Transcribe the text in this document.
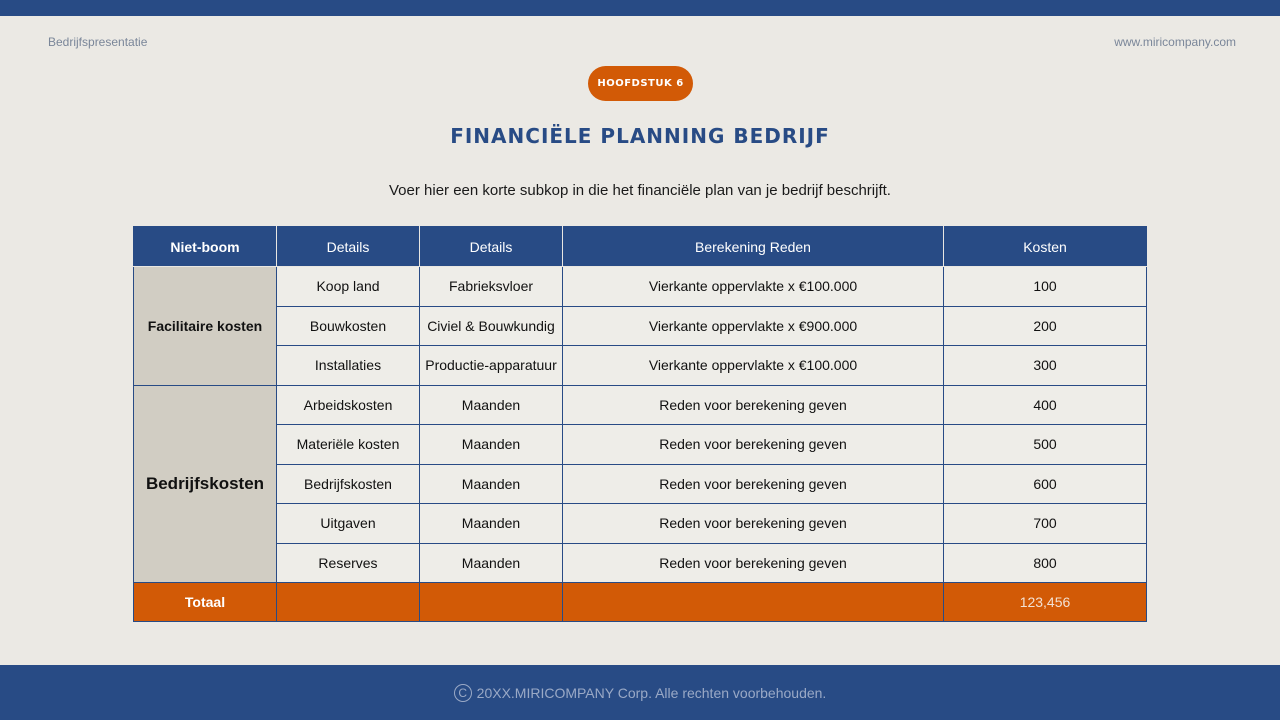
Bedrijfspresentatie	www.miricompany.com
HOOFDSTUK 6
FINANCIËLE PLANNING BEDRIJF
Voer hier een korte subkop in die het financiële plan van je bedrijf beschrijft.
Niet-boom	Details	Details	Berekening Reden	Kosten
Facilitaire kosten	Koop land	Fabrieksvloer	Vierkante oppervlakte x €100.000	100
	Bouwkosten	Civiel & Bouwkundig	Vierkante oppervlakte x €900.000	200
	Installaties	Productie-apparatuur	Vierkante oppervlakte x €100.000	300
Bedrijfskosten	Arbeidskosten	Maanden	Reden voor berekening geven	400
	Materiële kosten	Maanden	Reden voor berekening geven	500
	Bedrijfskosten	Maanden	Reden voor berekening geven	600
	Uitgaven	Maanden	Reden voor berekening geven	700
	Reserves	Maanden	Reden voor berekening geven	800
Totaal				123,456
C 20XX.MIRICOMPANY Corp. Alle rechten voorbehouden.
